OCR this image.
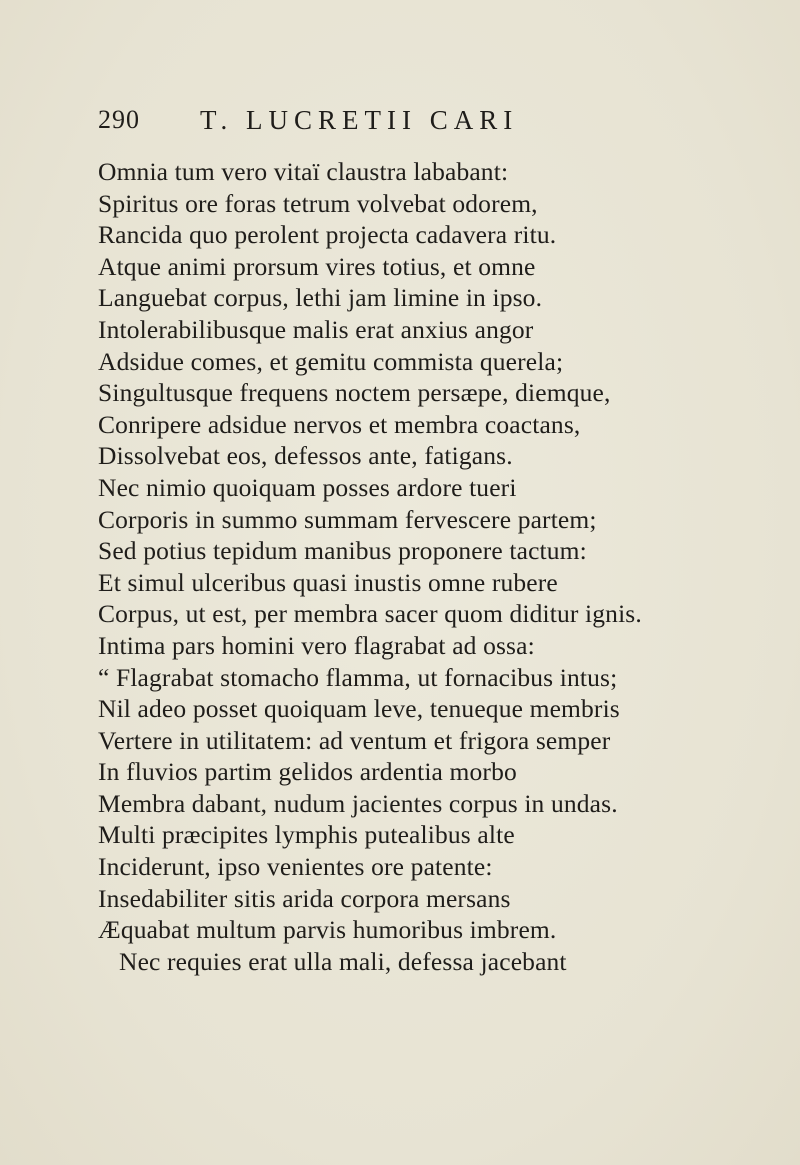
290 T. LUCRETII CARI
Omnia tum vero vitaï claustra lababant:
Spiritus ore foras tetrum volvebat odorem,
Rancida quo perolent projecta cadavera ritu.
Atque animi prorsum vires totius, et omne
Languebat corpus, lethi jam limine in ipso.
Intolerabilibusque malis erat anxius angor
Adsidue comes, et gemitu commista querela;
Singultusque frequens noctem persæpe, diemque,
Conripere adsidue nervos et membra coactans,
Dissolvebat eos, defessos ante, fatigans.
Nec nimio quoiquam posses ardore tueri
Corporis in summo summam fervescere partem;
Sed potius tepidum manibus proponere tactum:
Et simul ulceribus quasi inustis omne rubere
Corpus, ut est, per membra sacer quom diditur ignis.
Intima pars homini vero flagrabat ad ossa:
“ Flagrabat stomacho flamma, ut fornacibus intus;
Nil adeo posset quoiquam leve, tenueque membris
Vertere in utilitatem: ad ventum et frigora semper
In fluvios partim gelidos ardentia morbo
Membra dabant, nudum jacientes corpus in undas.
Multi præcipites lymphis putealibus alte
Inciderunt, ipso venientes ore patente:
Insedabiliter sitis arida corpora mersans
Æquabat multum parvis humoribus imbrem.
Nec requies erat ulla mali, defessa jacebant
